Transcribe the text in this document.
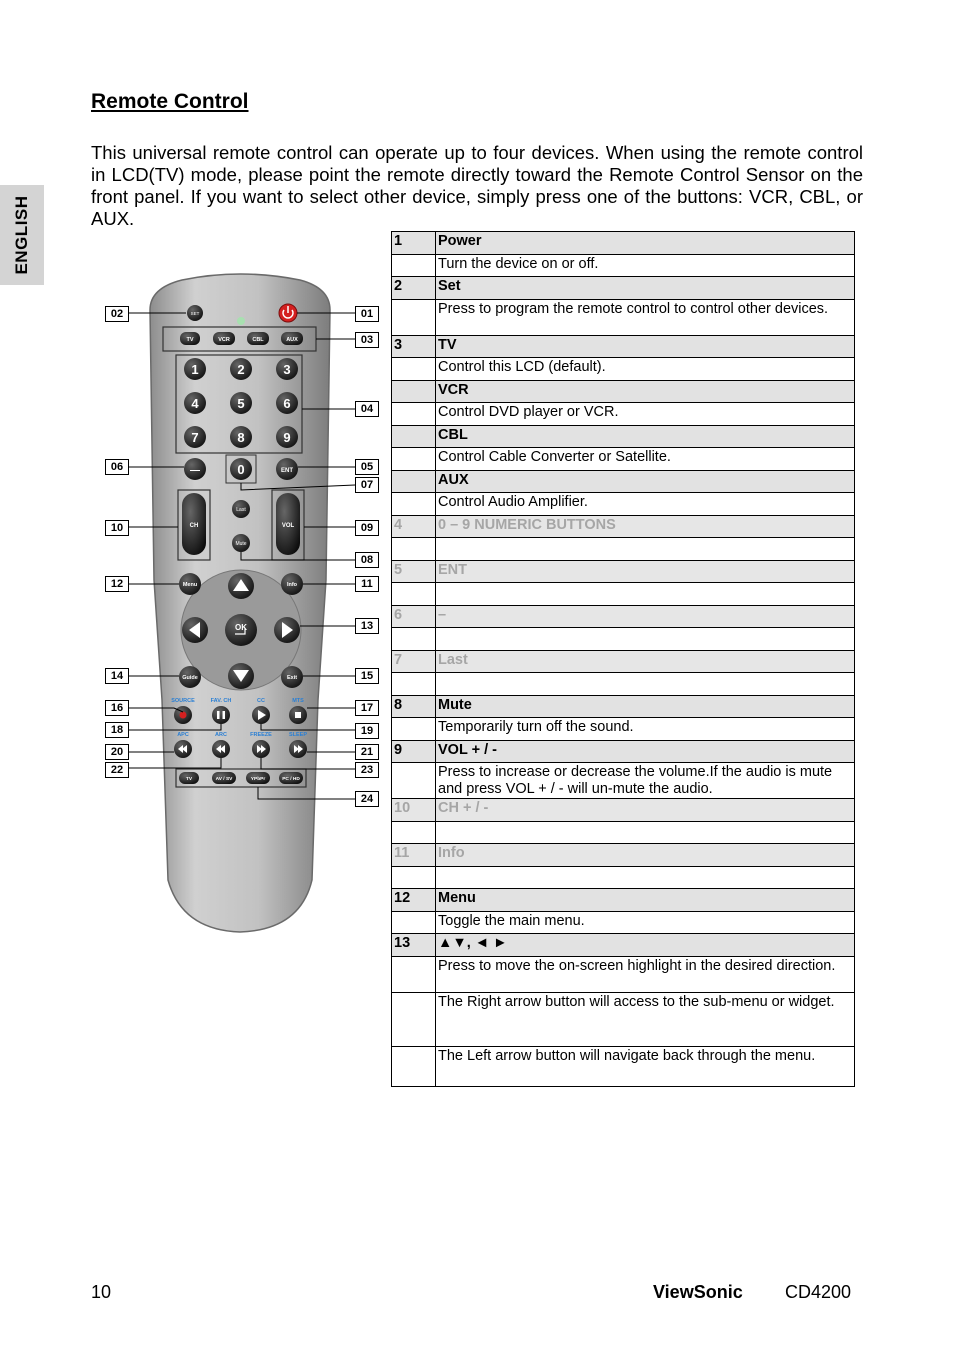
ENGLISH
Remote Control

This universal remote control can operate up to four devices. When using the remote control in LCD(TV) mode, please point the remote directly toward the Remote Control Sensor on the front panel. If you want to select other device, simply press one of the buttons: VCR, CBL, or AUX.

1	Power
Turn the device on or off.
2	Set
Press to program the remote control to control other devices.
3	TV
Control this LCD (default).
VCR
Control DVD player or VCR.
CBL
Control Cable Converter or Satellite.
AUX
Control Audio Amplifier.
4	0 – 9 NUMERIC BUTTONS
5	ENT
6	–
7	Last
8	Mute
Temporarily turn off the sound.
9	VOL + / -
Press to increase or decrease the volume.If the audio is mute and press VOL + / - will un-mute the audio.
10	CH + / -
11	Info
12	Menu
Toggle the main menu.
13	▲▼, ◄ ►
Press to move the on-screen highlight in the desired direction.
The Right arrow button will access to the sub-menu or widget.
The Left arrow button will navigate back through the menu.
SET
TV	VCR	CBL	AUX
1	2	3
4	5	6
7	8	9
—	0	ENT
CH	VOL
Last
Mute
OK
Menu	Info
Guide	Exit
SOURCE	FAV. CH	CC	MTS
APC	ARC	FREEZE	SLEEP
TV	AV / SV	YPbPr	PC / HD
02	01
03
04
06	05
07
10	09
08
12	11
13
14	15
16	17
18	19
20	21
22	23
24
10	ViewSonic CD4200
